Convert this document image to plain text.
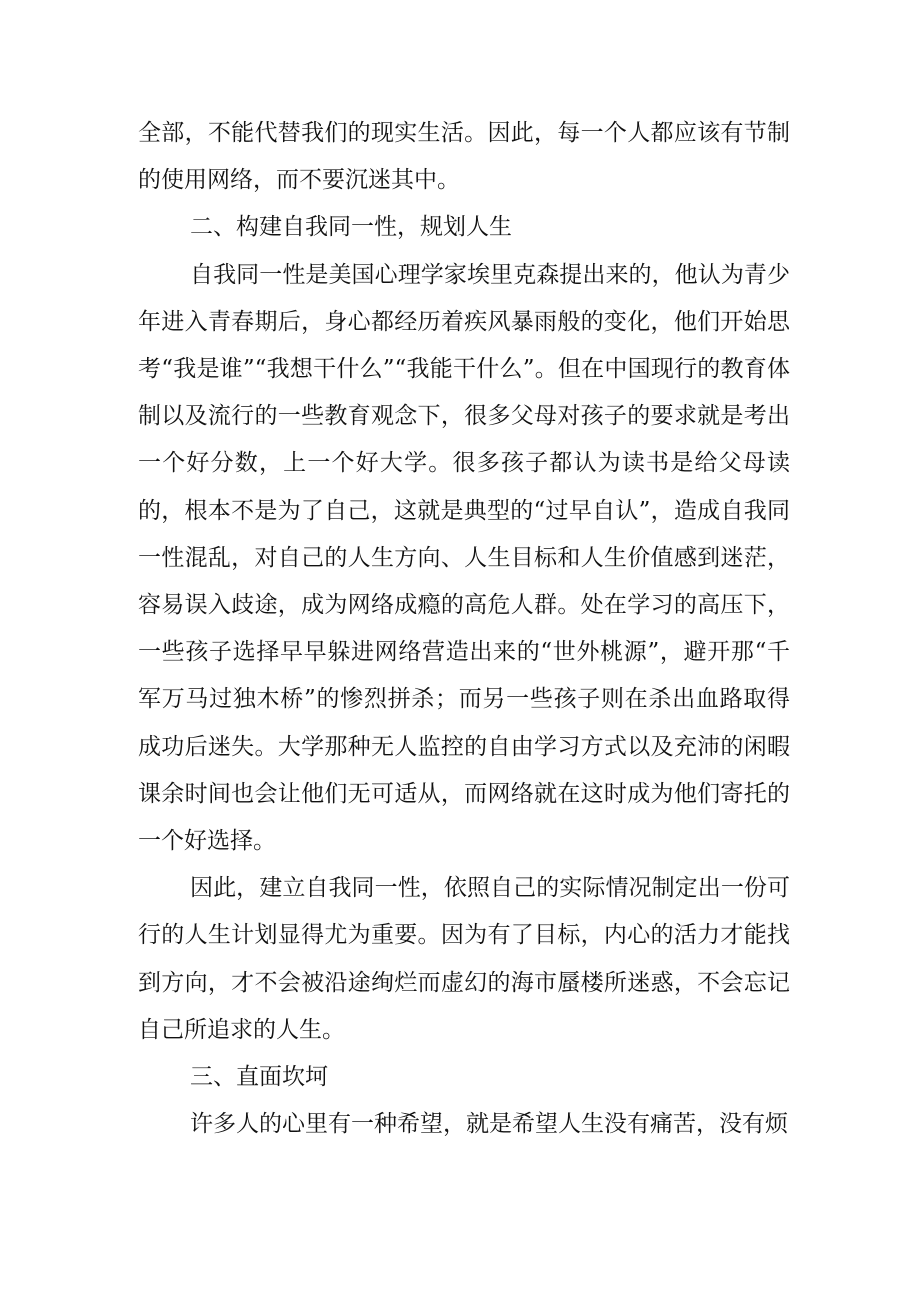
全部，不能代替我们的现实生活。因此，每一个人都应该有节制的使用网络，而不要沉迷其中。

二、构建自我同一性，规划人生

自我同一性是美国心理学家埃里克森提出来的，他认为青少年进入青春期后，身心都经历着疾风暴雨般的变化，他们开始思考“我是谁”“我想干什么”“我能干什么”。但在中国现行的教育体制以及流行的一些教育观念下，很多父母对孩子的要求就是考出一个好分数，上一个好大学。很多孩子都认为读书是给父母读的，根本不是为了自己，这就是典型的“过早自认”，造成自我同一性混乱，对自己的人生方向、人生目标和人生价值感到迷茫，容易误入歧途，成为网络成瘾的高危人群。处在学习的高压下，一些孩子选择早早躲进网络营造出来的“世外桃源”，避开那“千军万马过独木桥”的惨烈拼杀；而另一些孩子则在杀出血路取得成功后迷失。大学那种无人监控的自由学习方式以及充沛的闲暇课余时间也会让他们无可适从，而网络就在这时成为他们寄托的一个好选择。

因此，建立自我同一性，依照自己的实际情况制定出一份可行的人生计划显得尤为重要。因为有了目标，内心的活力才能找到方向，才不会被沿途绚烂而虚幻的海市蜃楼所迷惑，不会忘记自己所追求的人生。

三、直面坎坷

许多人的心里有一种希望，就是希望人生没有痛苦，没有烦
